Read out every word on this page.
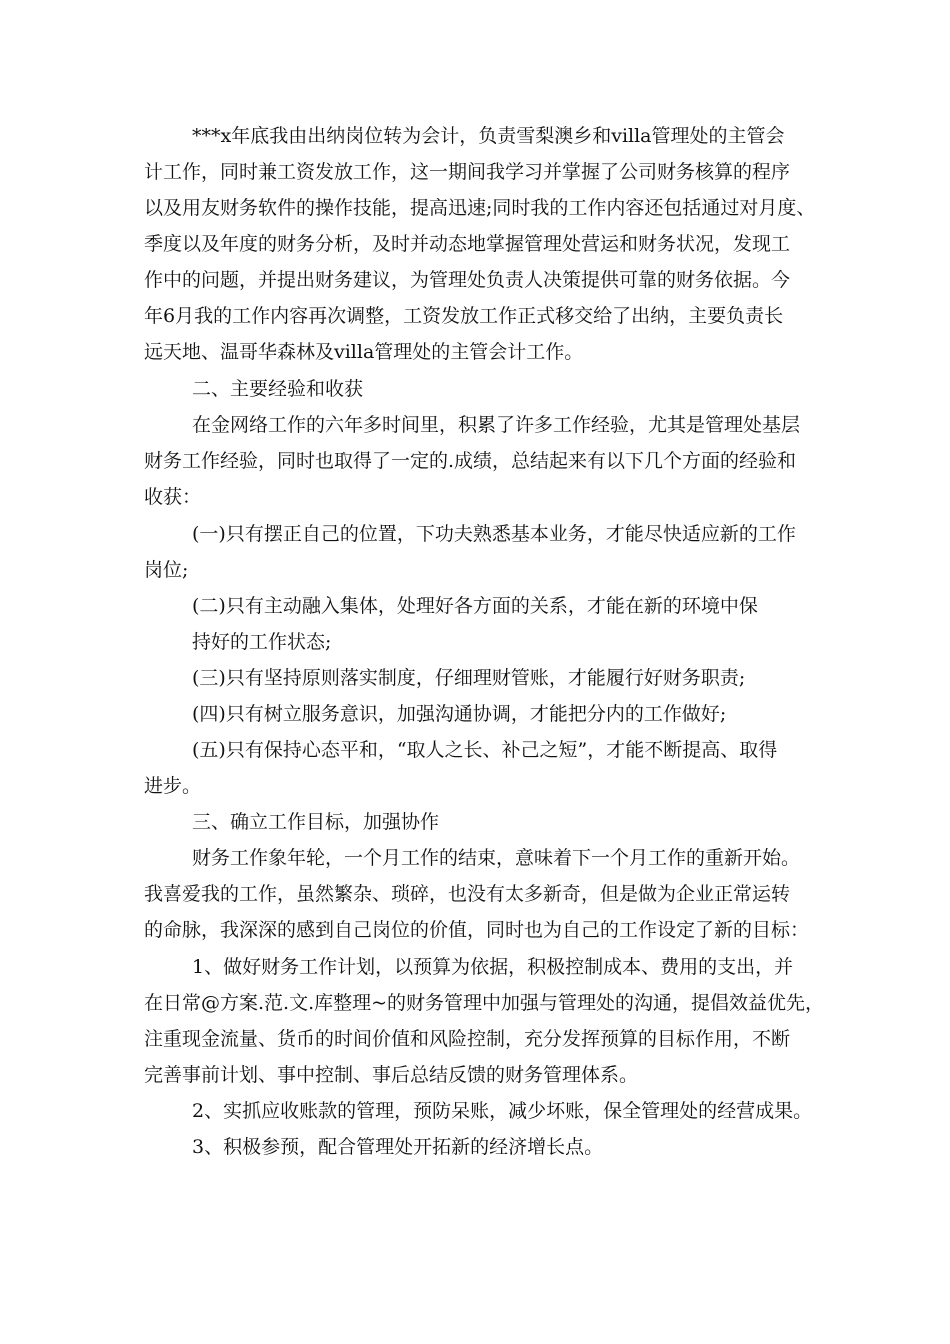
***x年底我由出纳岗位转为会计，负责雪梨澳乡和villa管理处的主管会

计工作，同时兼工资发放工作，这一期间我学习并掌握了公司财务核算的程序

以及用友财务软件的操作技能，提高迅速;同时我的工作内容还包括通过对月度、

季度以及年度的财务分析，及时并动态地掌握管理处营运和财务状况，发现工

作中的问题，并提出财务建议，为管理处负责人决策提供可靠的财务依据。今

年6月我的工作内容再次调整，工资发放工作正式移交给了出纳，主要负责长

远天地、温哥华森林及villa管理处的主管会计工作。

二、主要经验和收获

在金网络工作的六年多时间里，积累了许多工作经验，尤其是管理处基层

财务工作经验，同时也取得了一定的.成绩，总结起来有以下几个方面的经验和

收获：

(一)只有摆正自己的位置，下功夫熟悉基本业务，才能尽快适应新的工作

岗位;

(二)只有主动融入集体，处理好各方面的关系，才能在新的环境中保

持好的工作状态;

(三)只有坚持原则落实制度，仔细理财管账，才能履行好财务职责;

(四)只有树立服务意识，加强沟通协调，才能把分内的工作做好;

(五)只有保持心态平和，“取人之长、补己之短”，才能不断提高、取得

进步。

三、确立工作目标，加强协作

财务工作象年轮，一个月工作的结束，意味着下一个月工作的重新开始。

我喜爱我的工作，虽然繁杂、琐碎，也没有太多新奇，但是做为企业正常运转

的命脉，我深深的感到自己岗位的价值，同时也为自己的工作设定了新的目标：

1、做好财务工作计划，以预算为依据，积极控制成本、费用的支出，并

在日常@方案.范.文.库整理~的财务管理中加强与管理处的沟通，提倡效益优先，

注重现金流量、货币的时间价值和风险控制，充分发挥预算的目标作用，不断

完善事前计划、事中控制、事后总结反馈的财务管理体系。

2、实抓应收账款的管理，预防呆账，减少坏账，保全管理处的经营成果。

3、积极参预，配合管理处开拓新的经济增长点。
